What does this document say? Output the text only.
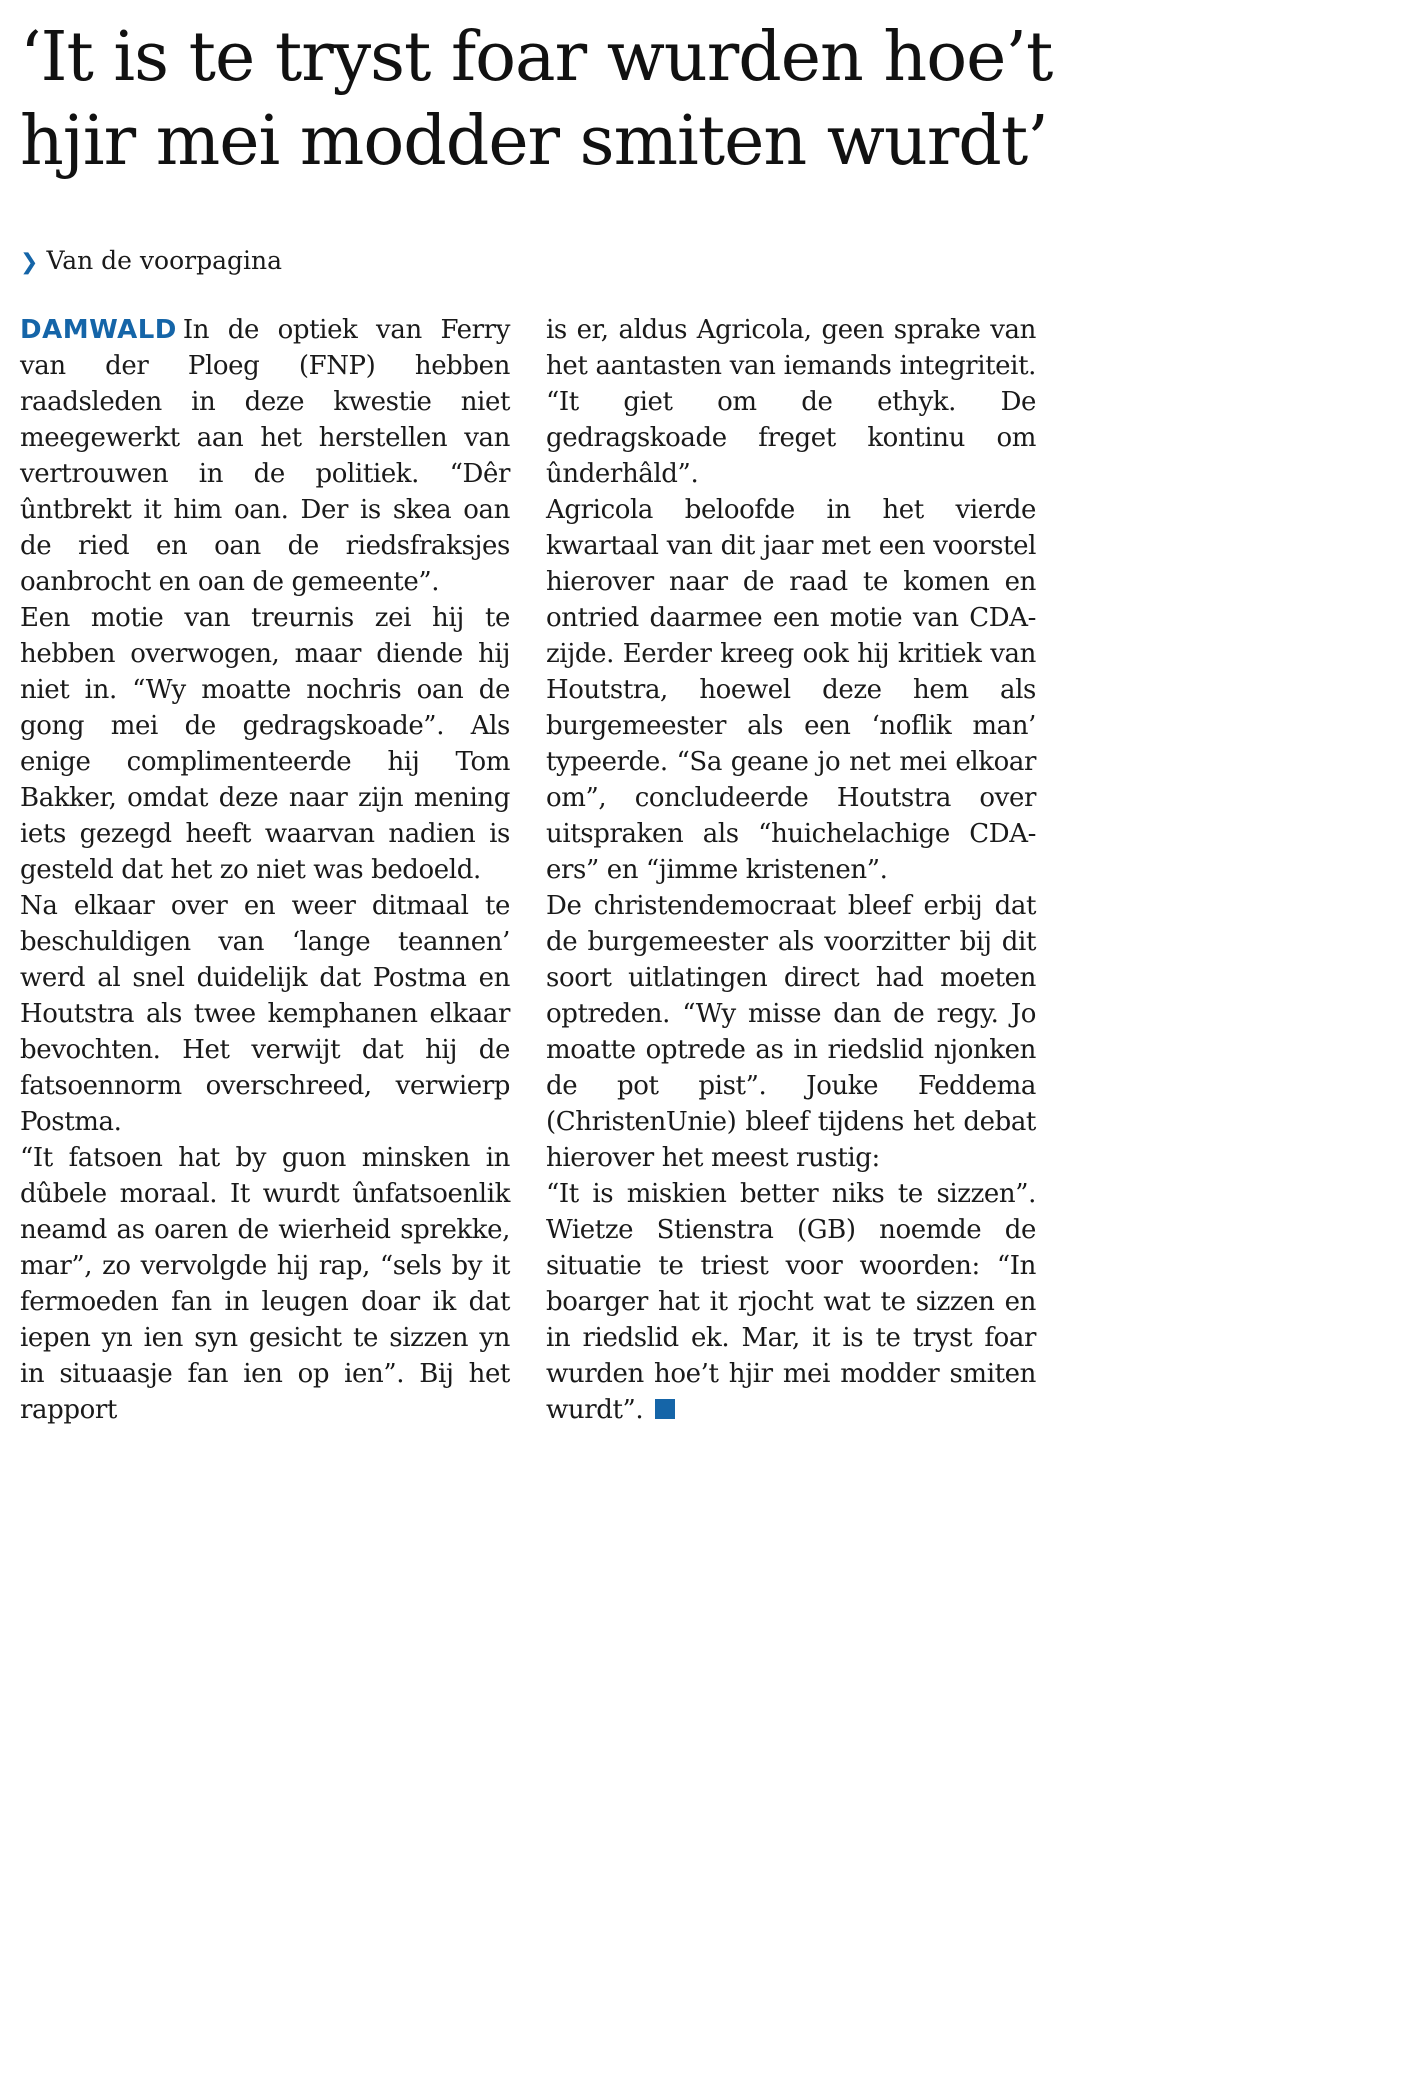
‘It is te tryst foar wurden hoe’t
hjir mei modder smiten wurdt’
❯ Van de voorpagina
DAMWALD In de optiek van Ferry van der Ploeg (FNP) hebben raadsleden in deze kwestie niet meegewerkt aan het herstellen van vertrouwen in de politiek. “Dêr ûntbrekt it him oan. Der is skea oan de ried en oan de riedsfraksjes oanbrocht en oan de gemeente”.
Een motie van treurnis zei hij te hebben overwogen, maar diende hij niet in. “Wy moatte nochris oan de gong mei de gedragskoade”. Als enige complimenteerde hij Tom Bakker, omdat deze naar zijn mening iets gezegd heeft waarvan nadien is gesteld dat het zo niet was bedoeld.
Na elkaar over en weer ditmaal te beschuldigen van ‘lange teannen’ werd al snel duidelijk dat Postma en Houtstra als twee kemphanen elkaar bevochten. Het verwijt dat hij de fatsoennorm overschreed, verwierp Postma.
“It fatsoen hat by guon minsken in dûbele moraal. It wurdt ûnfatsoenlik neamd as oaren de wierheid sprekke, mar”, zo vervolgde hij rap, “sels by it fermoeden fan in leugen doar ik dat iepen yn ien syn gesicht te sizzen yn in situaasje fan ien op ien”. Bij het rapport
is er, aldus Agricola, geen sprake van het aantasten van iemands integriteit. “It giet om de ethyk. De gedragskoade freget kontinu om ûnderhâld”.
Agricola beloofde in het vierde kwartaal van dit jaar met een voorstel hierover naar de raad te komen en ontried daarmee een motie van CDA-zijde. Eerder kreeg ook hij kritiek van Houtstra, hoewel deze hem als burgemeester als een ‘noflik man’ typeerde. “Sa geane jo net mei elkoar om”, concludeerde Houtstra over uitspraken als “huichelachige CDA-ers” en “jimme kristenen”.
De christendemocraat bleef erbij dat de burgemeester als voorzitter bij dit soort uitlatingen direct had moeten optreden. “Wy misse dan de regy. Jo moatte optrede as in riedslid njonken de pot pist”. Jouke Feddema (ChristenUnie) bleef tijdens het debat hierover het meest rustig:
“It is miskien better niks te sizzen”. Wietze Stienstra (GB) noemde de situatie te triest voor woorden: “In boarger hat it rjocht wat te sizzen en in riedslid ek. Mar, it is te tryst foar wurden hoe’t hjir mei modder smiten wurdt”.
